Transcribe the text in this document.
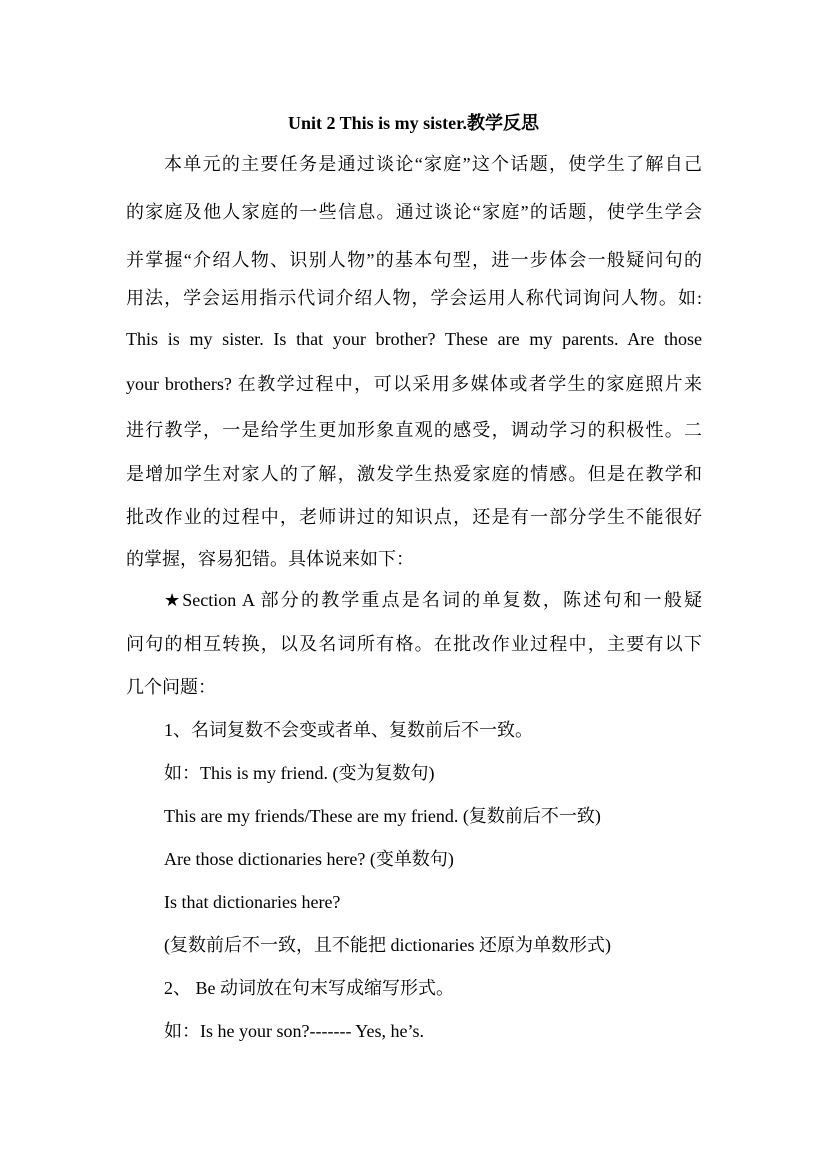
Unit 2 This is my sister.教学反思
本单元的主要任务是通过谈论“家庭”这个话题，使学生了解自己
的家庭及他人家庭的一些信息。通过谈论“家庭”的话题，使学生学会
并掌握“介绍人物、识别人物”的基本句型，进一步体会一般疑问句的
用法，学会运用指示代词介绍人物，学会运用人称代词询问人物。如:
This is my sister. Is that your brother? These are my parents. Are those
your brothers? 在教学过程中，可以采用多媒体或者学生的家庭照片来
进行教学，一是给学生更加形象直观的感受，调动学习的积极性。二
是增加学生对家人的了解，激发学生热爱家庭的情感。但是在教学和
批改作业的过程中，老师讲过的知识点，还是有一部分学生不能很好
的掌握，容易犯错。具体说来如下：
★Section A 部分的教学重点是名词的单复数，陈述句和一般疑
问句的相互转换，以及名词所有格。在批改作业过程中，主要有以下
几个问题：
1、名词复数不会变或者单、复数前后不一致。
如：This is my friend. (变为复数句)
This are my friends/These are my friend. (复数前后不一致)
Are those dictionaries here? (变单数句)
Is that dictionaries here?
(复数前后不一致，且不能把 dictionaries 还原为单数形式)
2、 Be 动词放在句末写成缩写形式。
如：Is he your son?------- Yes, he’s.
